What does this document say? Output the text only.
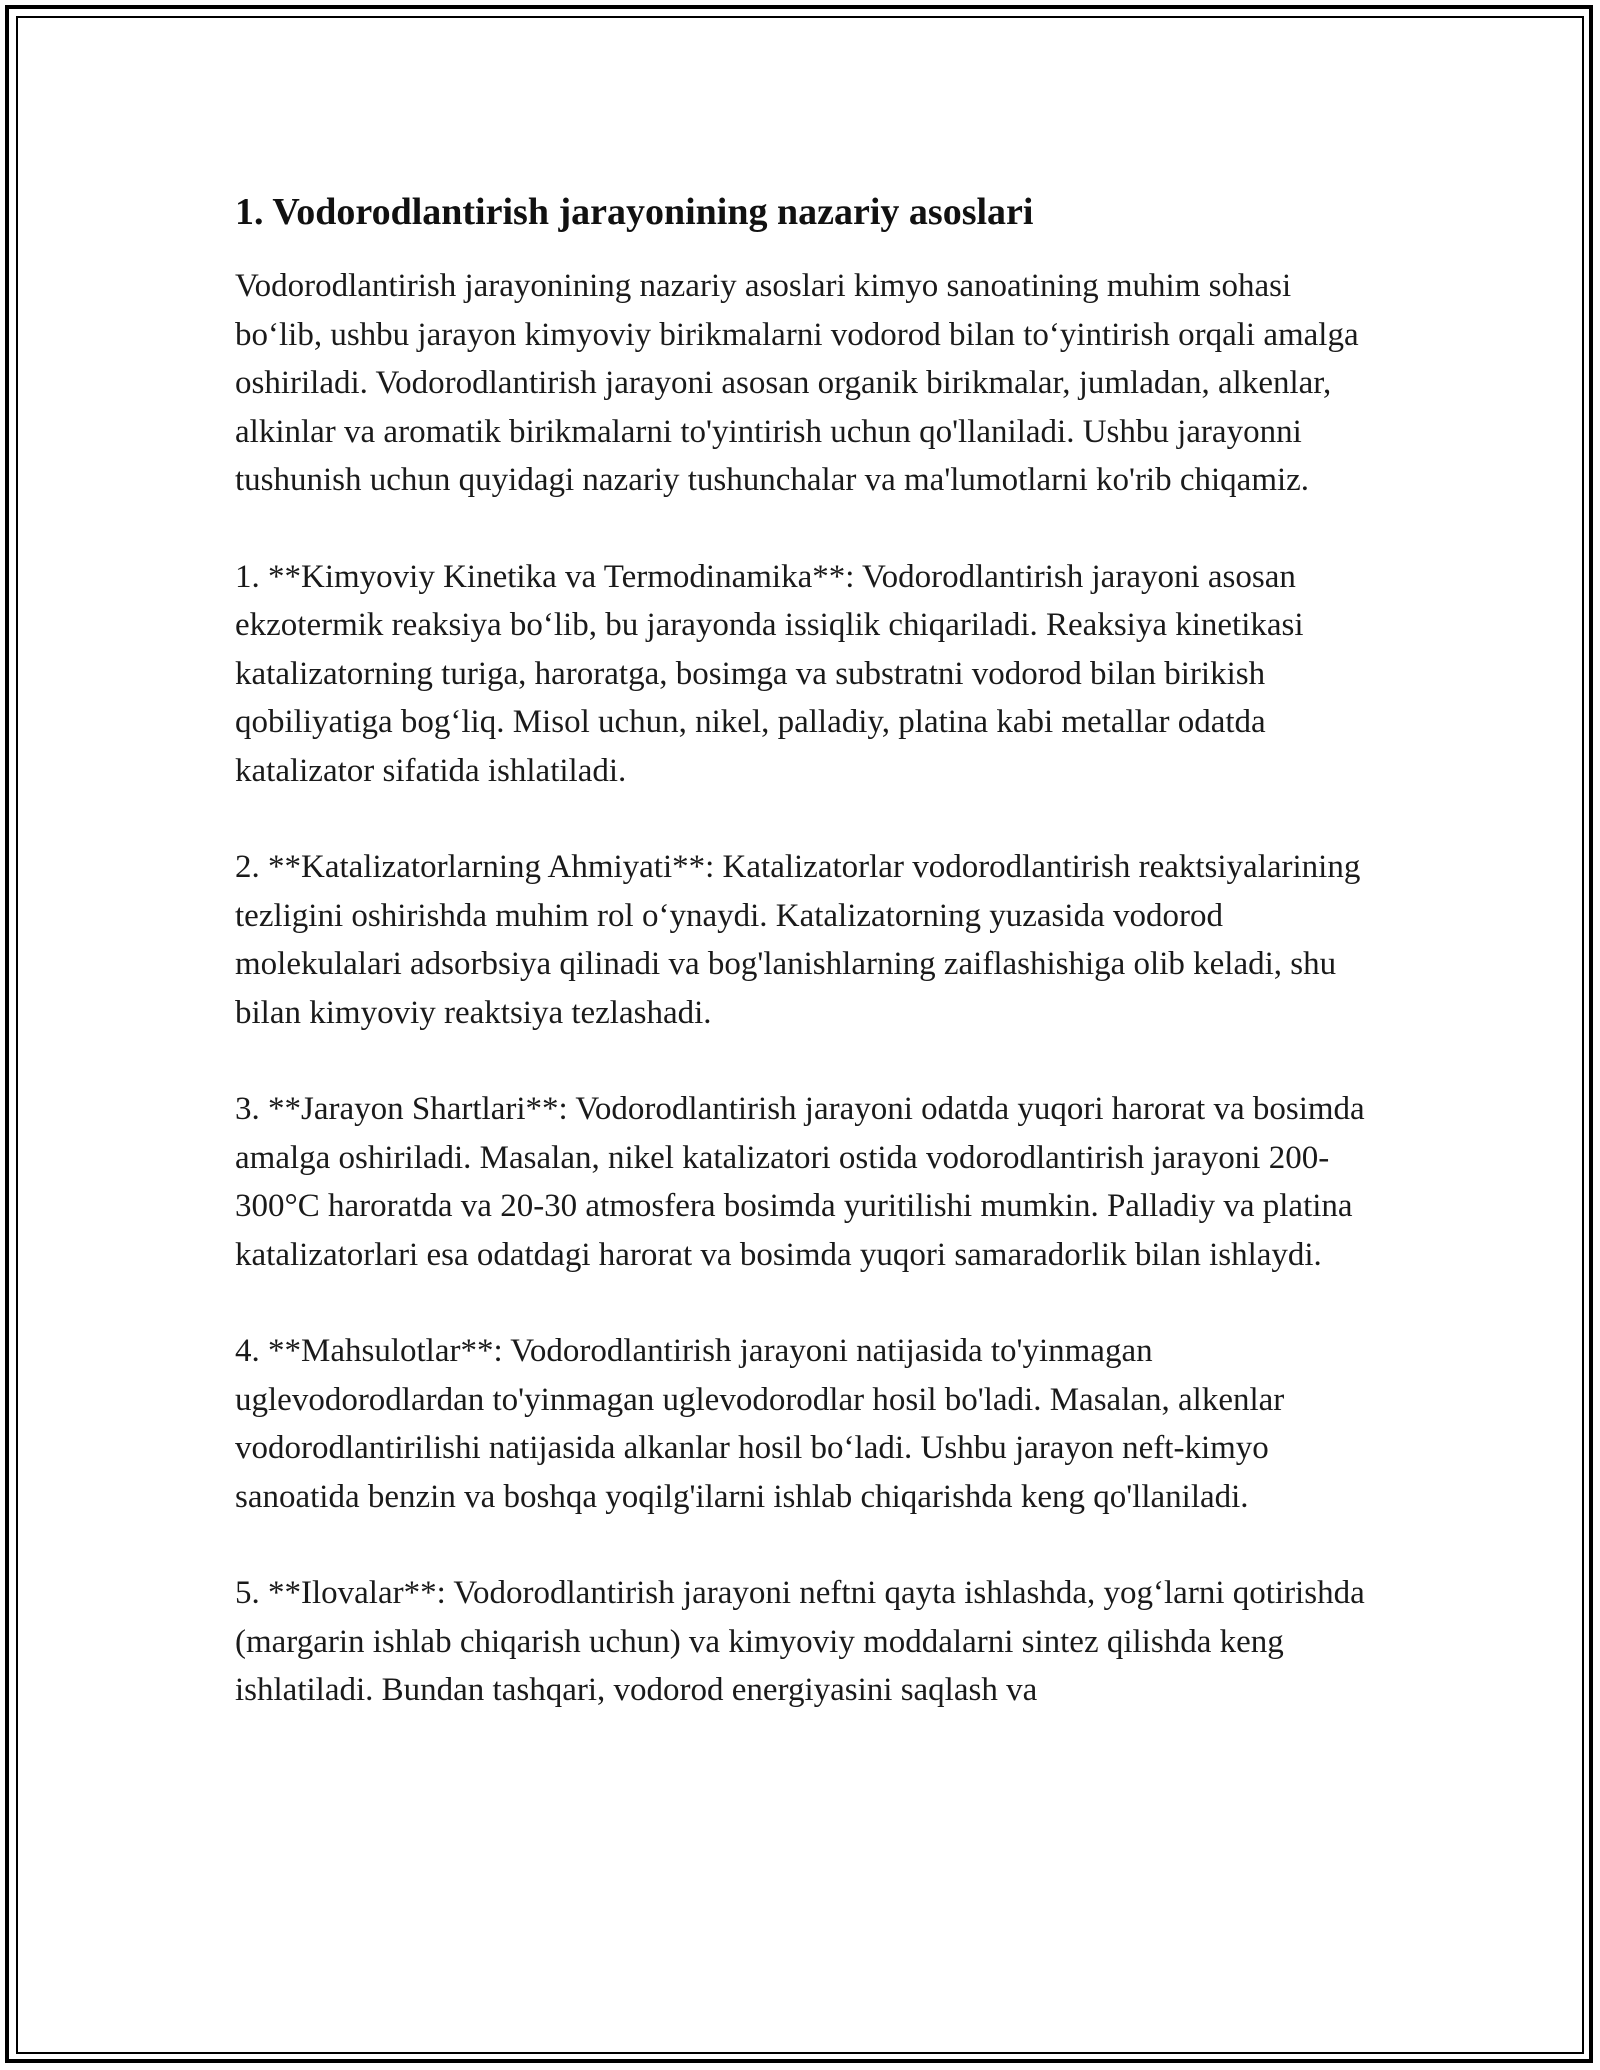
1. Vodorodlantirish jarayonining nazariy asoslari

Vodorodlantirish jarayonining nazariy asoslari kimyo sanoatining muhim sohasi bo‘lib, ushbu jarayon kimyoviy birikmalarni vodorod bilan to‘yintirish orqali amalga oshiriladi. Vodorodlantirish jarayoni asosan organik birikmalar, jumladan, alkenlar, alkinlar va aromatik birikmalarni to'yintirish uchun qo'llaniladi. Ushbu jarayonni tushunish uchun quyidagi nazariy tushunchalar va ma'lumotlarni ko'rib chiqamiz.

1. **Kimyoviy Kinetika va Termodinamika**: Vodorodlantirish jarayoni asosan ekzotermik reaksiya bo‘lib, bu jarayonda issiqlik chiqariladi. Reaksiya kinetikasi katalizatorning turiga, haroratga, bosimga va substratni vodorod bilan birikish qobiliyatiga bog‘liq. Misol uchun, nikel, palladiy, platina kabi metallar odatda katalizator sifatida ishlatiladi.

2. **Katalizatorlarning Ahmiyati**: Katalizatorlar vodorodlantirish reaktsiyalarining tezligini oshirishda muhim rol o‘ynaydi. Katalizatorning yuzasida vodorod molekulalari adsorbsiya qilinadi va bog'lanishlarning zaiflashishiga olib keladi, shu bilan kimyoviy reaktsiya tezlashadi.

3. **Jarayon Shartlari**: Vodorodlantirish jarayoni odatda yuqori harorat va bosimda amalga oshiriladi. Masalan, nikel katalizatori ostida vodorodlantirish jarayoni 200-300°C haroratda va 20-30 atmosfera bosimda yuritilishi mumkin. Palladiy va platina katalizatorlari esa odatdagi harorat va bosimda yuqori samaradorlik bilan ishlaydi.

4. **Mahsulotlar**: Vodorodlantirish jarayoni natijasida to'yinmagan uglevodorodlardan to'yinmagan uglevodorodlar hosil bo'ladi. Masalan, alkenlar vodorodlantirilishi natijasida alkanlar hosil bo‘ladi. Ushbu jarayon neft-kimyo sanoatida benzin va boshqa yoqilg'ilarni ishlab chiqarishda keng qo'llaniladi.

5. **Ilovalar**: Vodorodlantirish jarayoni neftni qayta ishlashda, yog‘larni qotirishda (margarin ishlab chiqarish uchun) va kimyoviy moddalarni sintez qilishda keng ishlatiladi. Bundan tashqari, vodorod energiyasini saqlash va
